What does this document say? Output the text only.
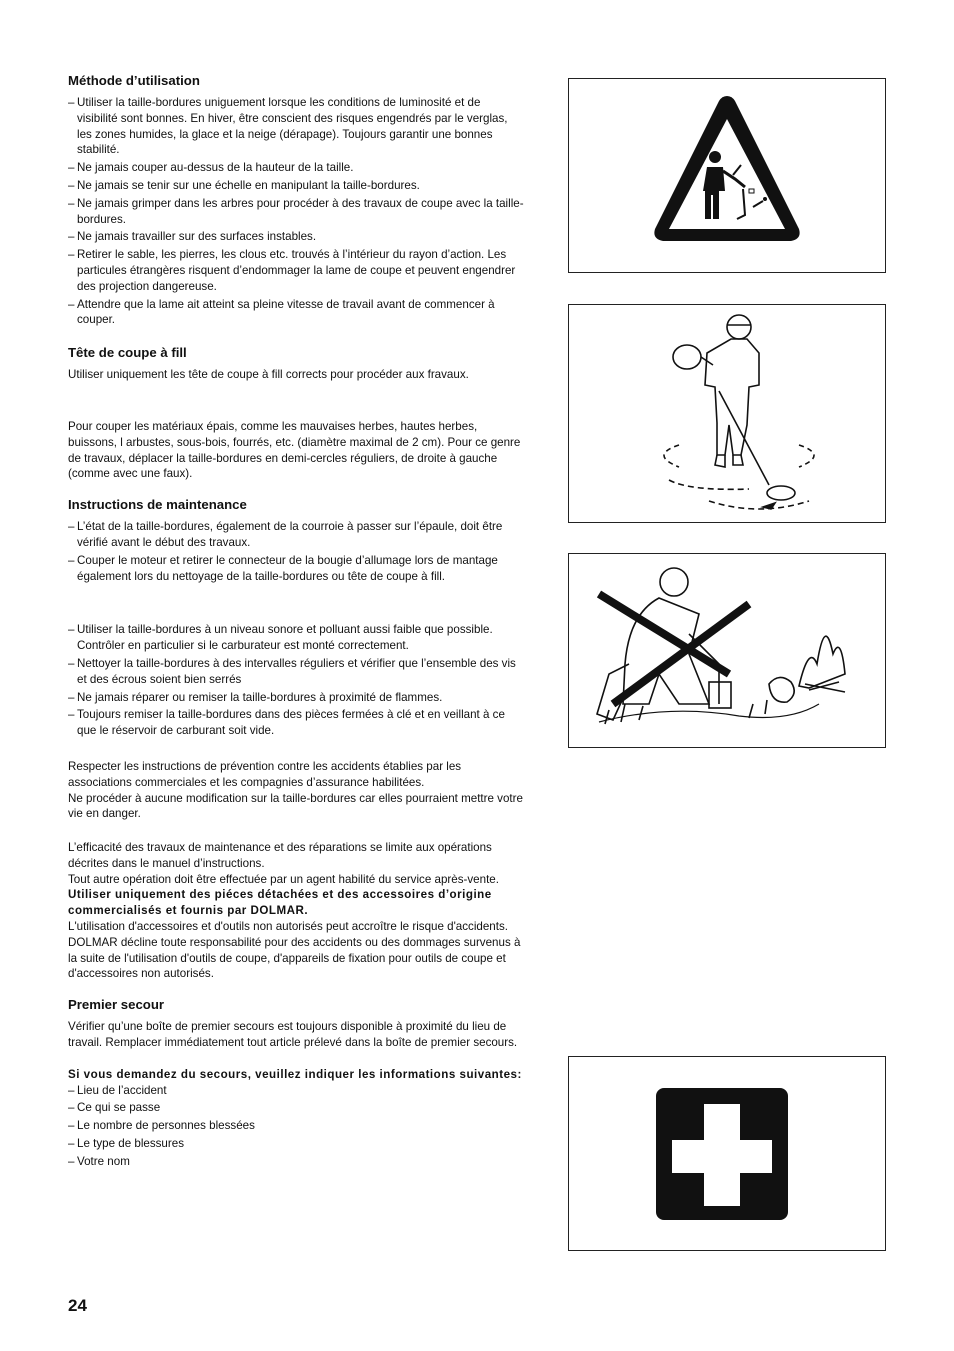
Méthode d’utilisation
– Utiliser la taille-bordures uniguement lorsque les conditions de luminosité et de visibilité sont bonnes. En hiver, être conscient des risques engendrés par le verglas, les zones humides, la glace et la neige (dérapage). Toujours garantir une bonnes stabilité.
– Ne jamais couper au-dessus de la hauteur de la taille.
– Ne jamais se tenir sur une échelle en manipulant la taille-bordures.
– Ne jamais grimper dans les arbres pour procéder à des travaux de coupe avec la taille-bordures.
– Ne jamais travailler sur des surfaces instables.
– Retirer le sable, les pierres, les clous etc. trouvés à l’intérieur du rayon d’action. Les particules étrangères risquent d’endommager la lame de coupe et peuvent engendrer des projection dangereuse.
– Attendre que la lame ait atteint sa pleine vitesse de travail avant de commencer à couper.
Tête de coupe à fill

Utiliser uniquement les tête de coupe à fill corrects pour procéder aux fravaux.

Pour couper les matériaux épais, comme les mauvaises herbes, hautes herbes, buissons, l arbustes, sous-bois, fourrés, etc. (diamètre maximal de 2 cm). Pour ce genre de travaux, déplacer la taille-bordures en demi-cercles réguliers, de droite à gauche (comme avec une faux).

Instructions de maintenance
– L’état de la taille-bordures, également de la courroie à passer sur l’épaule, doit être vérifié avant le début des travaux.
– Couper le moteur et retirer le connecteur de la bougie d’allumage lors de mantage également lors du nettoyage de la taille-bordures ou tête de coupe à fill.
– Utiliser la taille-bordures à un niveau sonore et polluant aussi faible que possible. Contrôler en particulier si le carburateur est monté correctement.
– Nettoyer la taille-bordures à des intervalles réguliers et vérifier que l’ensemble des vis et des écrous soient bien serrés
– Ne jamais réparer ou remiser la taille-bordures à proximité de flammes.
– Toujours remiser la taille-bordures dans des pièces fermées à clé et en veillant à ce que le réservoir de carburant soit vide.

Respecter les instructions de prévention contre les accidents établies par les associations commerciales et les compagnies d’assurance habilitées.

Ne procéder à aucune modification sur la taille-bordures car elles pourraient mettre votre vie en danger.

L’efficacité des travaux de maintenance et des réparations se limite aux opérations décrites dans le manuel d’instructions.

Tout autre opération doit être effectuée par un agent habilité du service après-vente.

Utiliser uniquement des piéces détachées et des accessoires d’origine

commercialisés et fournis par DOLMAR.

L'utilisation d'accessoires et d'outils non autorisés peut accroître le risque d'accidents.

DOLMAR décline toute responsabilité pour des accidents ou des dommages survenus à la suite de l'utilisation d'outils de coupe, d'appareils de fixation pour outils de coupe et d'accessoires non autorisés.

Premier secour

Vérifier qu’une boîte de premier secours est toujours disponible à proximité du lieu de travail. Remplacer immédiatement tout article prélevé dans la boîte de premier secours.

Si vous demandez du secours, veuillez indiquer les informations suivantes:

– Lieu de l’accident
– Ce qui se passe
– Le nombre de personnes blessées
– Le type de blessures
– Votre nom
24
